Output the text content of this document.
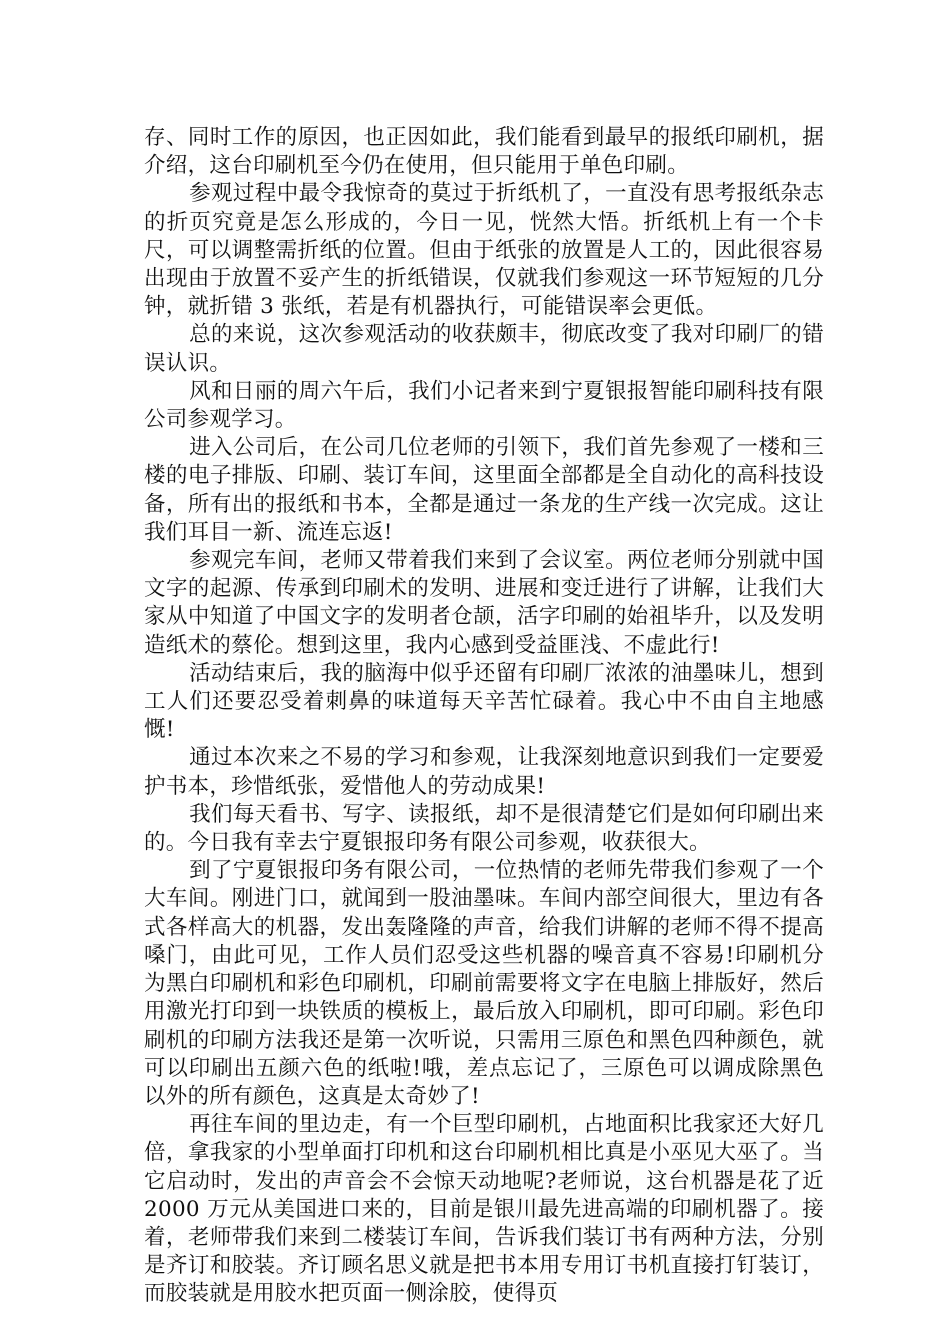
存、同时工作的原因，也正因如此，我们能看到最早的报纸印刷机，据介绍，这台印刷机至今仍在使用，但只能用于单色印刷。

参观过程中最令我惊奇的莫过于折纸机了，一直没有思考报纸杂志的折页究竟是怎么形成的，今日一见，恍然大悟。折纸机上有一个卡尺，可以调整需折纸的位置。但由于纸张的放置是人工的，因此很容易出现由于放置不妥产生的折纸错误，仅就我们参观这一环节短短的几分钟，就折错 3 张纸，若是有机器执行，可能错误率会更低。

总的来说，这次参观活动的收获颇丰，彻底改变了我对印刷厂的错误认识。

风和日丽的周六午后，我们小记者来到宁夏银报智能印刷科技有限公司参观学习。

进入公司后，在公司几位老师的引领下，我们首先参观了一楼和三楼的电子排版、印刷、装订车间，这里面全部都是全自动化的高科技设备，所有出的报纸和书本，全都是通过一条龙的生产线一次完成。这让我们耳目一新、流连忘返!

参观完车间，老师又带着我们来到了会议室。两位老师分别就中国文字的起源、传承到印刷术的发明、进展和变迁进行了讲解，让我们大家从中知道了中国文字的发明者仓颉，活字印刷的始祖毕升，以及发明造纸术的蔡伦。想到这里，我内心感到受益匪浅、不虚此行!

活动结束后，我的脑海中似乎还留有印刷厂浓浓的油墨味儿，想到工人们还要忍受着刺鼻的味道每天辛苦忙碌着。我心中不由自主地感慨!

通过本次来之不易的学习和参观，让我深刻地意识到我们一定要爱护书本，珍惜纸张，爱惜他人的劳动成果!

我们每天看书、写字、读报纸，却不是很清楚它们是如何印刷出来的。今日我有幸去宁夏银报印务有限公司参观，收获很大。

到了宁夏银报印务有限公司，一位热情的老师先带我们参观了一个大车间。刚进门口，就闻到一股油墨味。车间内部空间很大，里边有各式各样高大的机器，发出轰隆隆的声音，给我们讲解的老师不得不提高嗓门，由此可见，工作人员们忍受这些机器的噪音真不容易!印刷机分为黑白印刷机和彩色印刷机，印刷前需要将文字在电脑上排版好，然后用激光打印到一块铁质的模板上，最后放入印刷机，即可印刷。彩色印刷机的印刷方法我还是第一次听说，只需用三原色和黑色四种颜色，就可以印刷出五颜六色的纸啦!哦，差点忘记了，三原色可以调成除黑色以外的所有颜色，这真是太奇妙了!

再往车间的里边走，有一个巨型印刷机，占地面积比我家还大好几倍，拿我家的小型单面打印机和这台印刷机相比真是小巫见大巫了。当它启动时，发出的声音会不会惊天动地呢?老师说，这台机器是花了近 2000 万元从美国进口来的，目前是银川最先进高端的印刷机器了。接着，老师带我们来到二楼装订车间，告诉我们装订书有两种方法，分别是齐订和胶装。齐订顾名思义就是把书本用专用订书机直接打钉装订，而胶装就是用胶水把页面一侧涂胶，使得页
